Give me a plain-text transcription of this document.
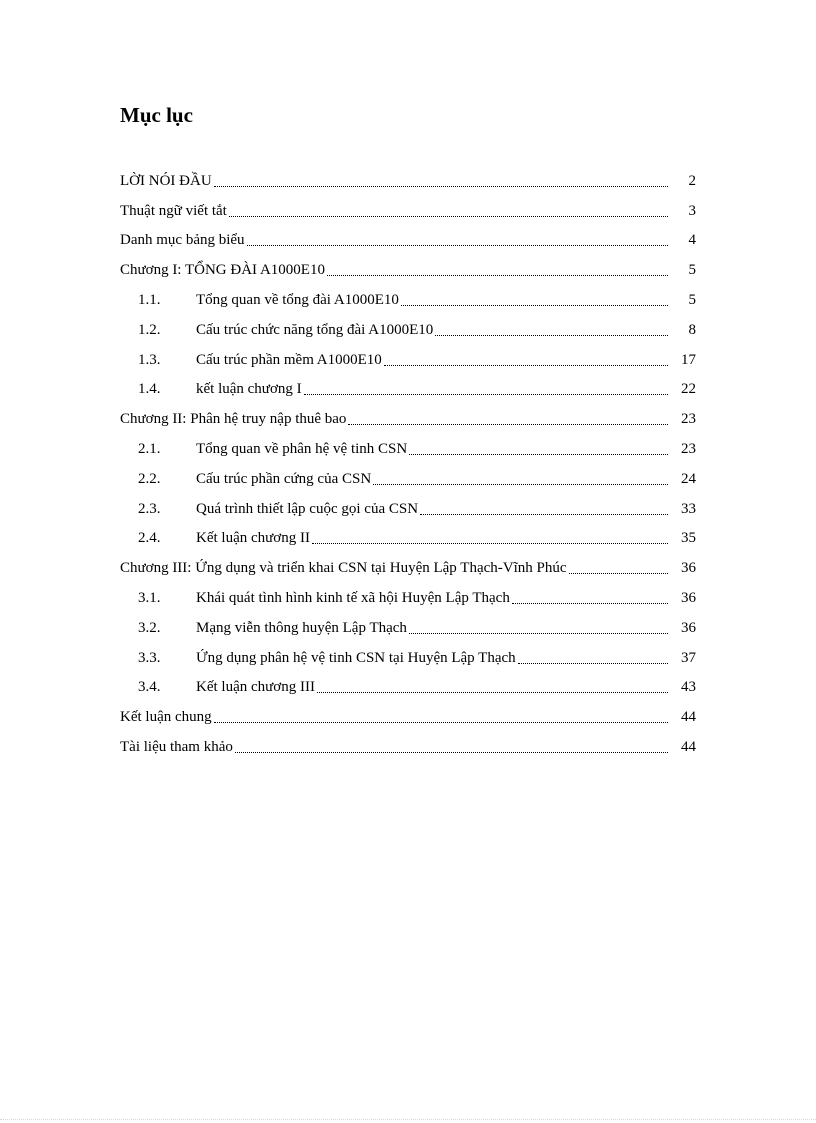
Mục lục
LỜI NÓI ĐẦU	2
Thuật ngữ viết tắt	3
Danh mục bảng biểu	4
Chương I: TỔNG ĐÀI A1000E10	5
1.1.	Tổng quan về tổng đài A1000E10	5
1.2.	Cấu trúc chức năng tổng đài A1000E10	8
1.3.	Cấu trúc phần mềm A1000E10	17
1.4.	kết luận chương I	22
Chương II: Phân hệ truy nập thuê bao	23
2.1.	Tổng quan về phân hệ vệ tinh CSN	23
2.2.	Cấu trúc phần cứng của CSN	24
2.3.	Quá trình thiết lập cuộc gọi của CSN	33
2.4.	Kết luận chương II	35
Chương III: Ứng dụng và triển khai CSN tại Huyện Lập Thạch-Vĩnh Phúc	36
3.1.	Khái quát tình hình kinh tế xã hội Huyện Lập Thạch	36
3.2.	Mạng viễn thông huyện Lập Thạch	36
3.3.	Ứng dụng phân hệ vệ tinh CSN tại Huyện Lập Thạch	37
3.4.	Kết luận chương III	43
Kết luận chung	44
Tài liệu tham khảo	44
